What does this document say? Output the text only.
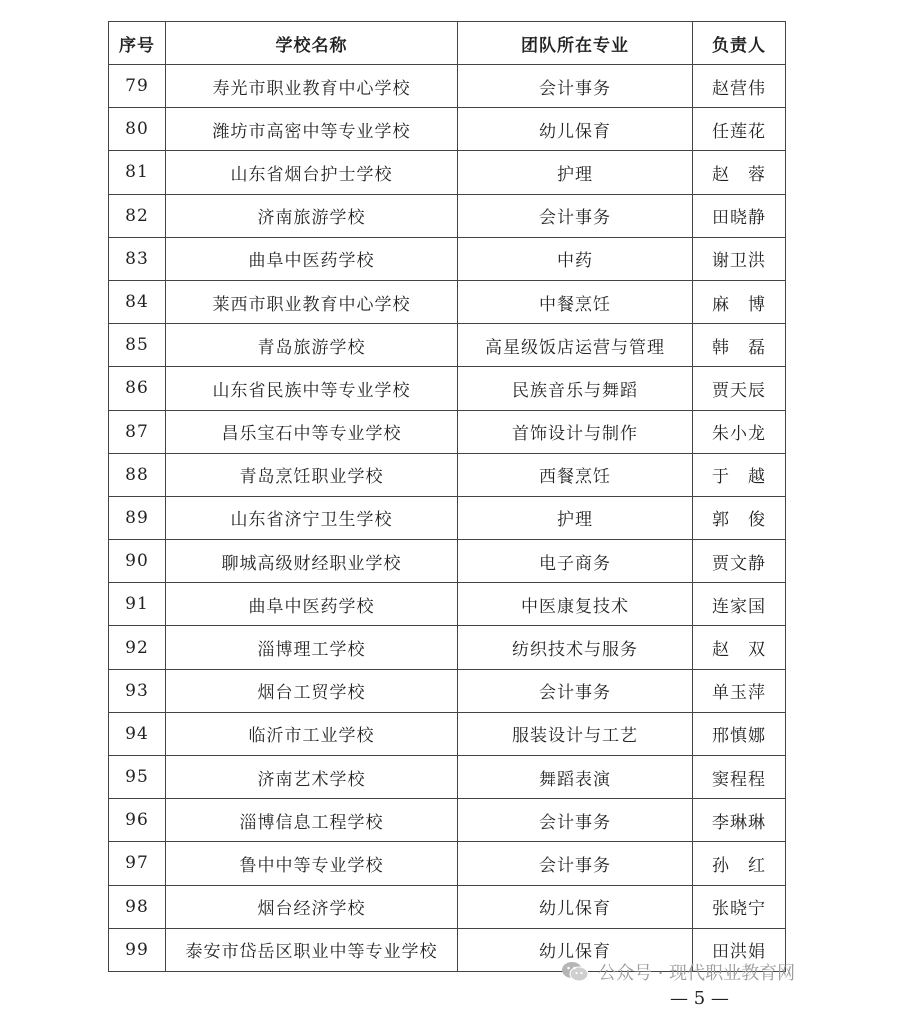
序号	学校名称	团队所在专业	负责人
79	寿光市职业教育中心学校	会计事务	赵营伟
80	潍坊市高密中等专业学校	幼儿保育	任莲花
81	山东省烟台护士学校	护理	赵　蓉
82	济南旅游学校	会计事务	田晓静
83	曲阜中医药学校	中药	谢卫洪
84	莱西市职业教育中心学校	中餐烹饪	麻　博
85	青岛旅游学校	高星级饭店运营与管理	韩　磊
86	山东省民族中等专业学校	民族音乐与舞蹈	贾天辰
87	昌乐宝石中等专业学校	首饰设计与制作	朱小龙
88	青岛烹饪职业学校	西餐烹饪	于　越
89	山东省济宁卫生学校	护理	郭　俊
90	聊城高级财经职业学校	电子商务	贾文静
91	曲阜中医药学校	中医康复技术	连家国
92	淄博理工学校	纺织技术与服务	赵　双
93	烟台工贸学校	会计事务	单玉萍
94	临沂市工业学校	服装设计与工艺	邢慎娜
95	济南艺术学校	舞蹈表演	窦程程
96	淄博信息工程学校	会计事务	李琳琳
97	鲁中中等专业学校	会计事务	孙　红
98	烟台经济学校	幼儿保育	张晓宁
99	泰安市岱岳区职业中等专业学校	幼儿保育	田洪娟
公众号 · 现代职业教育网
— 5 —
